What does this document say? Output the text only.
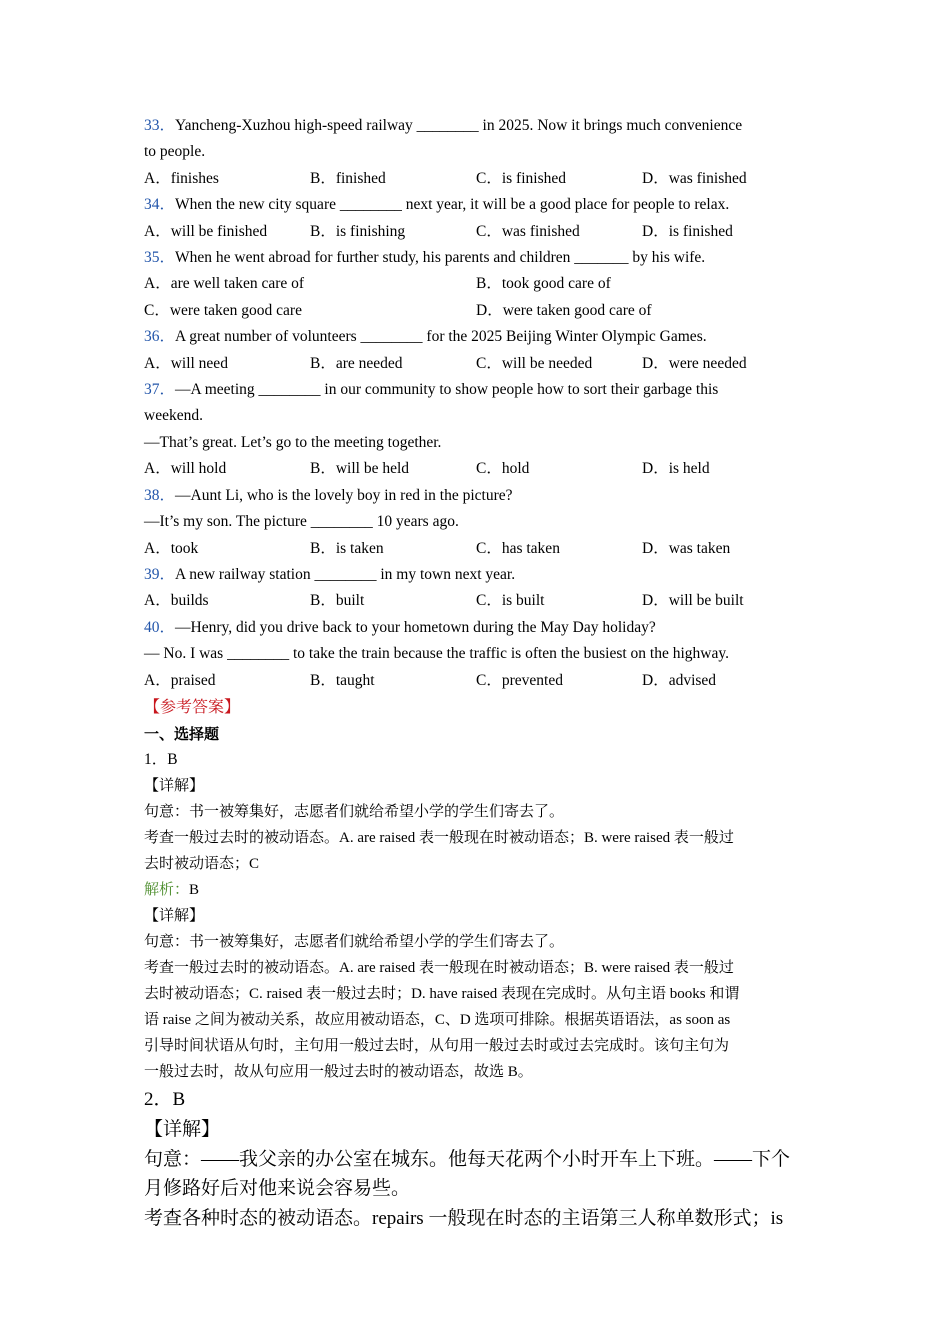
33．Yancheng-Xuzhou high-speed railway ________ in 2025. Now it brings much convenience
to people.
A．finishes	B．finished	C．is finished	D．was finished
34．When the new city square ________ next year, it will be a good place for people to relax.
A．will be finished	B．is finishing	C．was finished	D．is finished
35．When he went abroad for further study, his parents and children _______ by his wife.
A．are well taken care of	B．took good care of
C．were taken good care	D．were taken good care of
36．A great number of volunteers ________ for the 2025 Beijing Winter Olympic Games.
A．will need	B．are needed	C．will be needed	D．were needed
37．—A meeting ________ in our community to show people how to sort their garbage this
weekend.
—That’s great. Let’s go to the meeting together.
A．will hold	B．will be held	C．hold	D．is held
38．—Aunt Li, who is the lovely boy in red in the picture?
—It’s my son. The picture ________ 10 years ago.
A．took	B．is taken	C．has taken	D．was taken
39．A new railway station ________ in my town next year.
A．builds	B．built	C．is built	D．will be built
40．—Henry, did you drive back to your hometown during the May Day holiday?
— No. I was ________ to take the train because the traffic is often the busiest on the highway.
A．praised	B．taught	C．prevented	D．advised
【参考答案】
一、选择题
1．B
【详解】
句意：书一被筹集好，志愿者们就给希望小学的学生们寄去了。
考查一般过去时的被动语态。A. are raised 表一般现在时被动语态；B. were raised 表一般过
去时被动语态；C
解析：B
【详解】
句意：书一被筹集好，志愿者们就给希望小学的学生们寄去了。
考查一般过去时的被动语态。A. are raised 表一般现在时被动语态；B. were raised 表一般过
去时被动语态；C. raised 表一般过去时；D. have raised 表现在完成时。从句主语 books 和谓
语 raise 之间为被动关系，故应用被动语态，C、D 选项可排除。根据英语语法，as soon as
引导时间状语从句时，主句用一般过去时，从句用一般过去时或过去完成时。该句主句为
一般过去时，故从句应用一般过去时的被动语态，故选 B。
2．B
【详解】
句意：——我父亲的办公室在城东。他每天花两个小时开车上下班。——下个
月修路好后对他来说会容易些。
考查各种时态的被动语态。repairs 一般现在时态的主语第三人称单数形式；is
